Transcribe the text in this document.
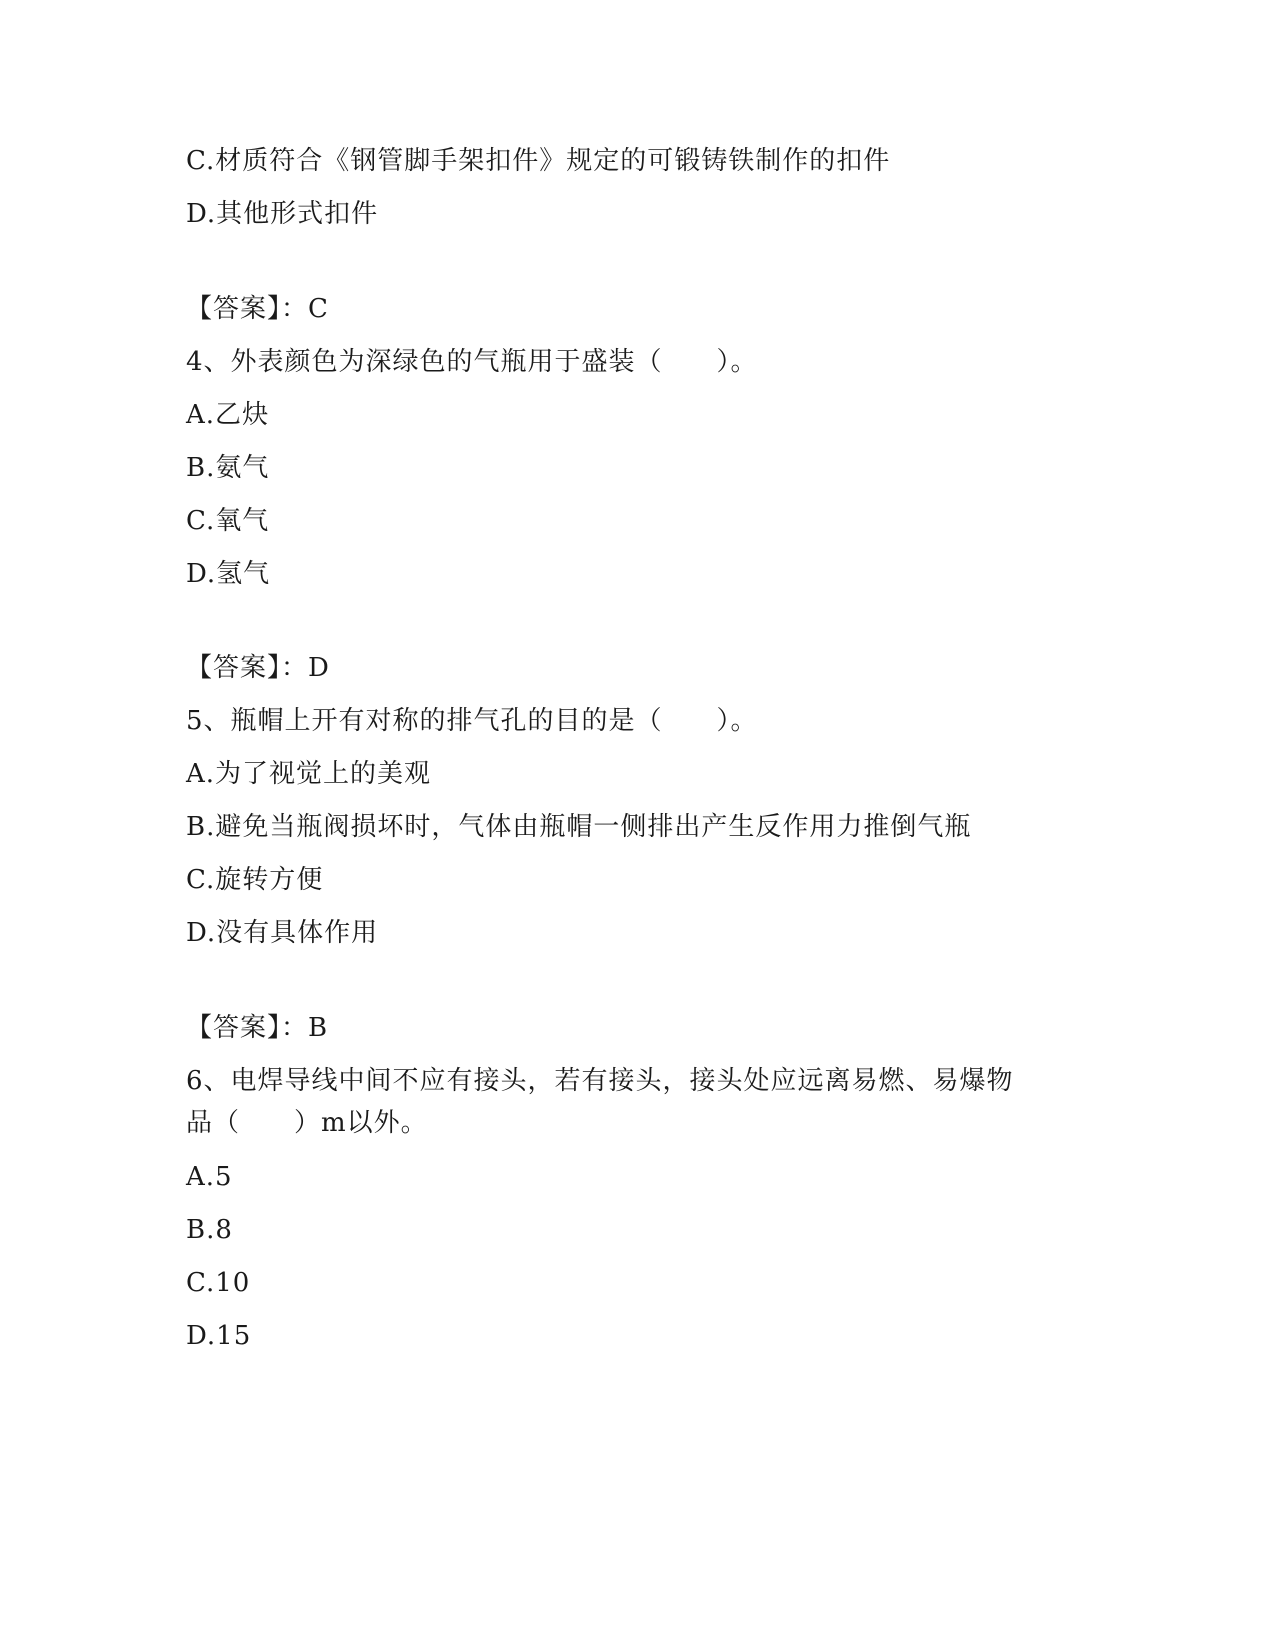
C.材质符合《钢管脚手架扣件》规定的可锻铸铁制作的扣件
D.其他形式扣件
【答案】：C
4、外表颜色为深绿色的气瓶用于盛装（　　）。
A.乙炔
B.氨气
C.氧气
D.氢气
【答案】：D
5、瓶帽上开有对称的排气孔的目的是（　　）。
A.为了视觉上的美观
B.避免当瓶阀损坏时，气体由瓶帽一侧排出产生反作用力推倒气瓶
C.旋转方便
D.没有具体作用
【答案】：B
6、电焊导线中间不应有接头，若有接头，接头处应远离易燃、易爆物
品（　　）m以外。
A.5
B.8
C.10
D.15
